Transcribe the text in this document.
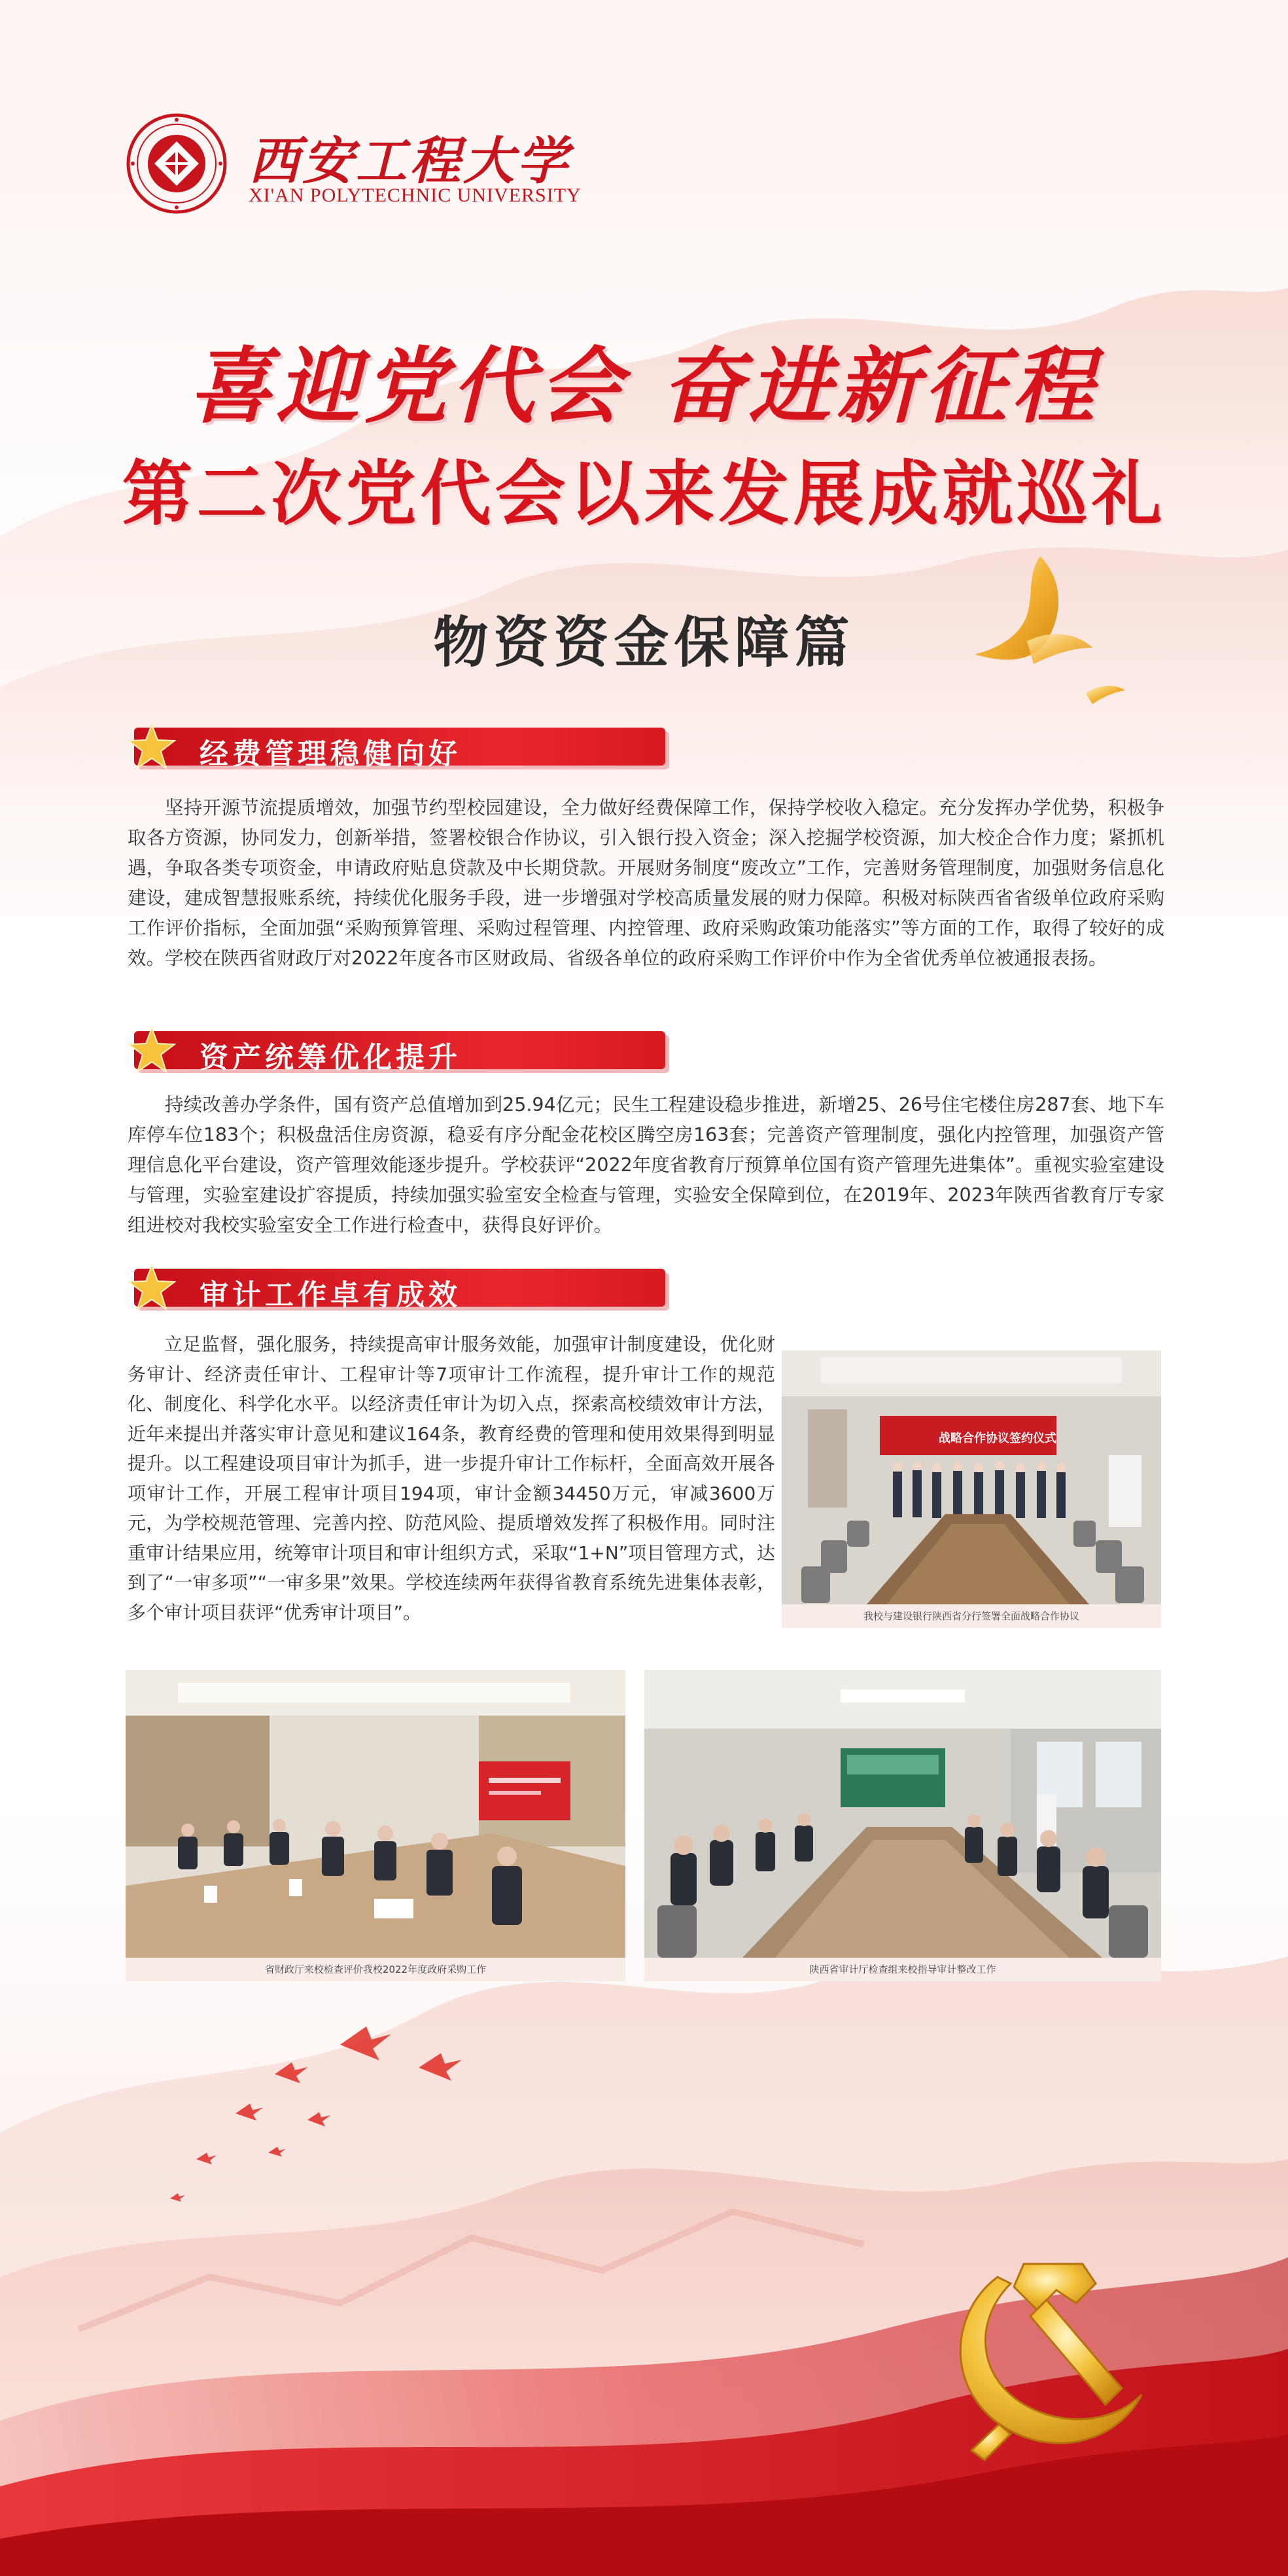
西安工程大学
XI'AN POLYTECHNIC UNIVERSITY
喜迎党代会 奋进新征程
第二次党代会以来发展成就巡礼
物资资金保障篇
经费管理稳健向好

坚持开源节流提质增效，加强节约型校园建设，全力做好经费保障工作，保持学校收入稳定。充分发挥办学优势，积极争取各方资源，协同发力，创新举措，签署校银合作协议，引入银行投入资金；深入挖掘学校资源，加大校企合作力度；紧抓机遇，争取各类专项资金，申请政府贴息贷款及中长期贷款。开展财务制度“废改立”工作，完善财务管理制度，加强财务信息化建设，建成智慧报账系统，持续优化服务手段，进一步增强对学校高质量发展的财力保障。积极对标陕西省省级单位政府采购工作评价指标，全面加强“采购预算管理、采购过程管理、内控管理、政府采购政策功能落实”等方面的工作，取得了较好的成效。学校在陕西省财政厅对2022年度各市区财政局、省级各单位的政府采购工作评价中作为全省优秀单位被通报表扬。

资产统筹优化提升

持续改善办学条件，国有资产总值增加到25.94亿元；民生工程建设稳步推进，新增25、26号住宅楼住房287套、地下车库停车位183个；积极盘活住房资源，稳妥有序分配金花校区腾空房163套；完善资产管理制度，强化内控管理，加强资产管理信息化平台建设，资产管理效能逐步提升。学校获评“2022年度省教育厅预算单位国有资产管理先进集体”。重视实验室建设与管理，实验室建设扩容提质，持续加强实验室安全检查与管理，实验安全保障到位，在2019年、2023年陕西省教育厅专家组进校对我校实验室安全工作进行检查中，获得良好评价。

审计工作卓有成效

立足监督，强化服务，持续提高审计服务效能，加强审计制度建设，优化财务审计、经济责任审计、工程审计等7项审计工作流程，提升审计工作的规范化、制度化、科学化水平。以经济责任审计为切入点，探索高校绩效审计方法，近年来提出并落实审计意见和建议164条，教育经费的管理和使用效果得到明显提升。以工程建设项目审计为抓手，进一步提升审计工作标杆，全面高效开展各项审计工作，开展工程审计项目194项，审计金额34450万元，审减3600万元，为学校规范管理、完善内控、防范风险、提质增效发挥了积极作用。同时注重审计结果应用，统筹审计项目和审计组织方式，采取“1+N”项目管理方式，达到了“一审多项”“一审多果”效果。学校连续两年获得省教育系统先进集体表彰，多个审计项目获评“优秀审计项目”。

战略合作协议签约仪式
我校与建设银行陕西省分行签署全面战略合作协议
省财政厅来校检查评价我校2022年度政府采购工作	陕西省审计厅检查组来校指导审计整改工作
